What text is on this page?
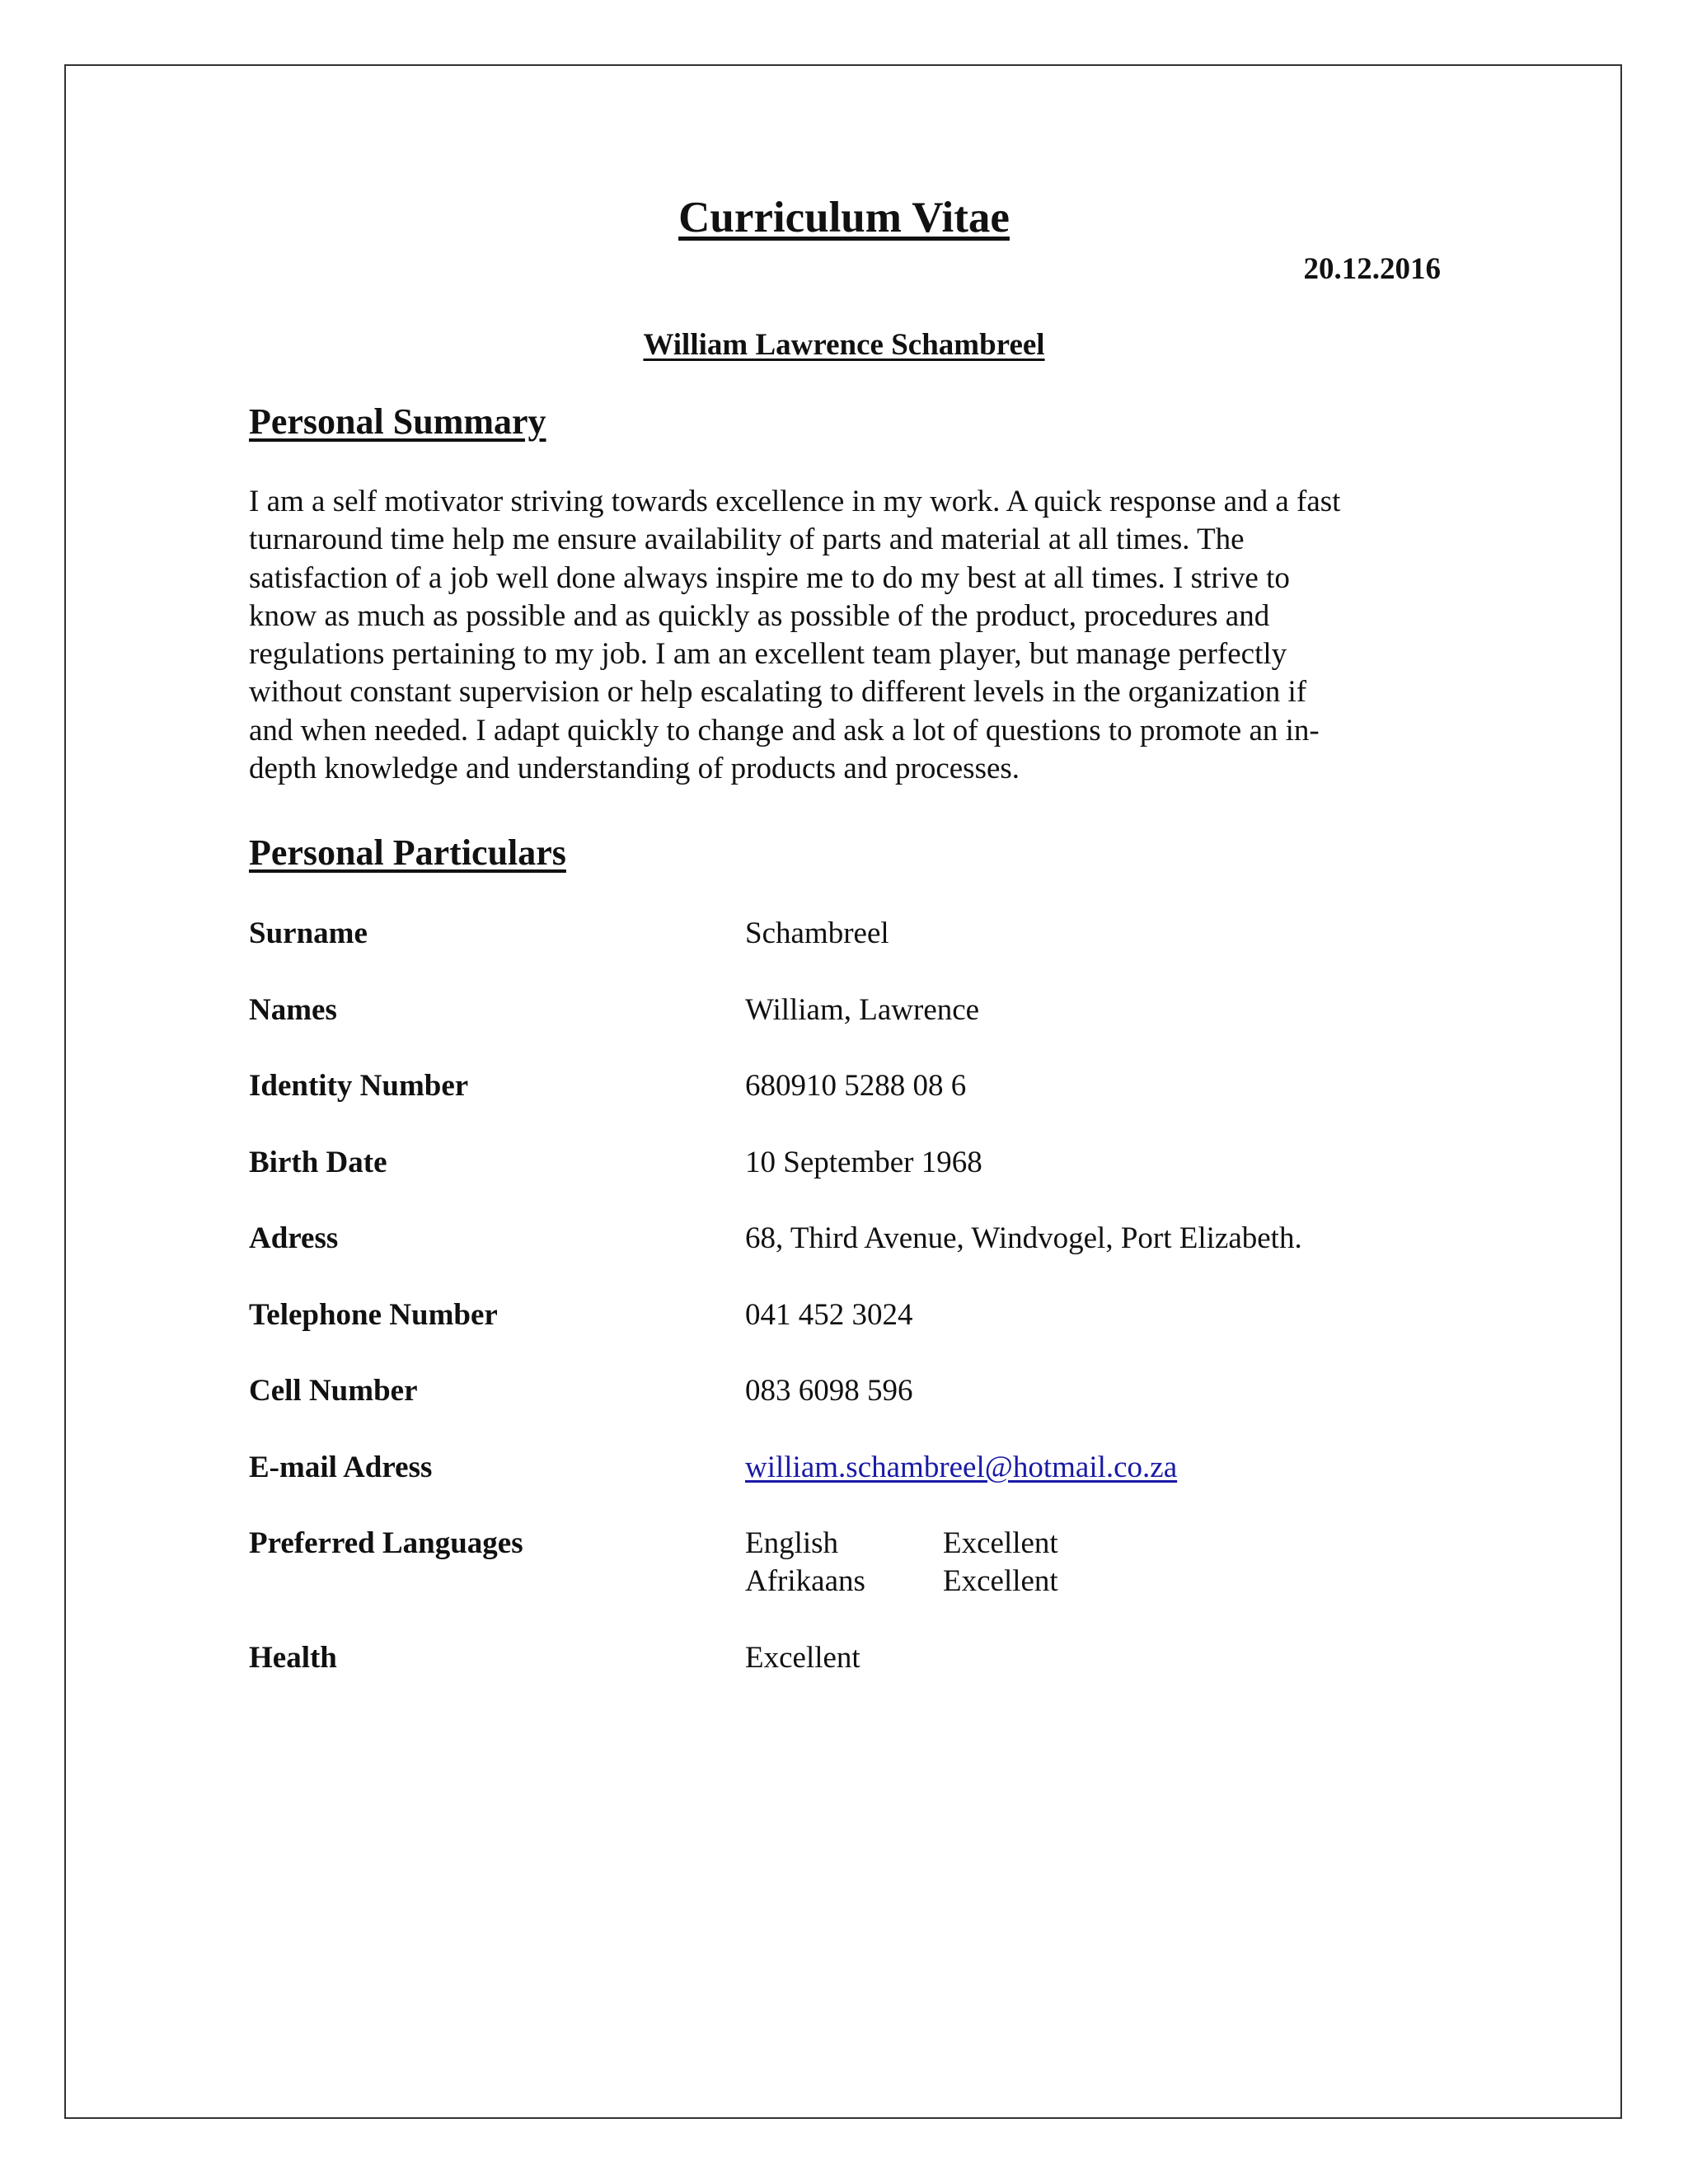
Curriculum Vitae
20.12.2016
William Lawrence Schambreel
Personal Summary
I am a self motivator striving towards excellence in my work. A quick response and a fast
turnaround time help me ensure availability of parts and material at all times. The
satisfaction of a job well done always inspire me to do my best at all times. I strive to
know as much as possible and as quickly as possible of the product, procedures and
regulations pertaining to my job. I am an excellent team player, but manage perfectly
without constant supervision or help escalating to different levels in the organization if
and when needed. I adapt quickly to change and ask a lot of questions to promote an in-
depth knowledge and understanding of products and processes.
Personal Particulars
Surname	Schambreel
Names	William, Lawrence
Identity Number	680910 5288 08 6
Birth Date	10 September 1968
Adress	68, Third Avenue, Windvogel, Port Elizabeth.
Telephone Number	041 452 3024
Cell Number	083 6098 596
E-mail Adress	william.schambreel@hotmail.co.za
Preferred Languages	English	Excellent
Afrikaans	Excellent
Health	Excellent
